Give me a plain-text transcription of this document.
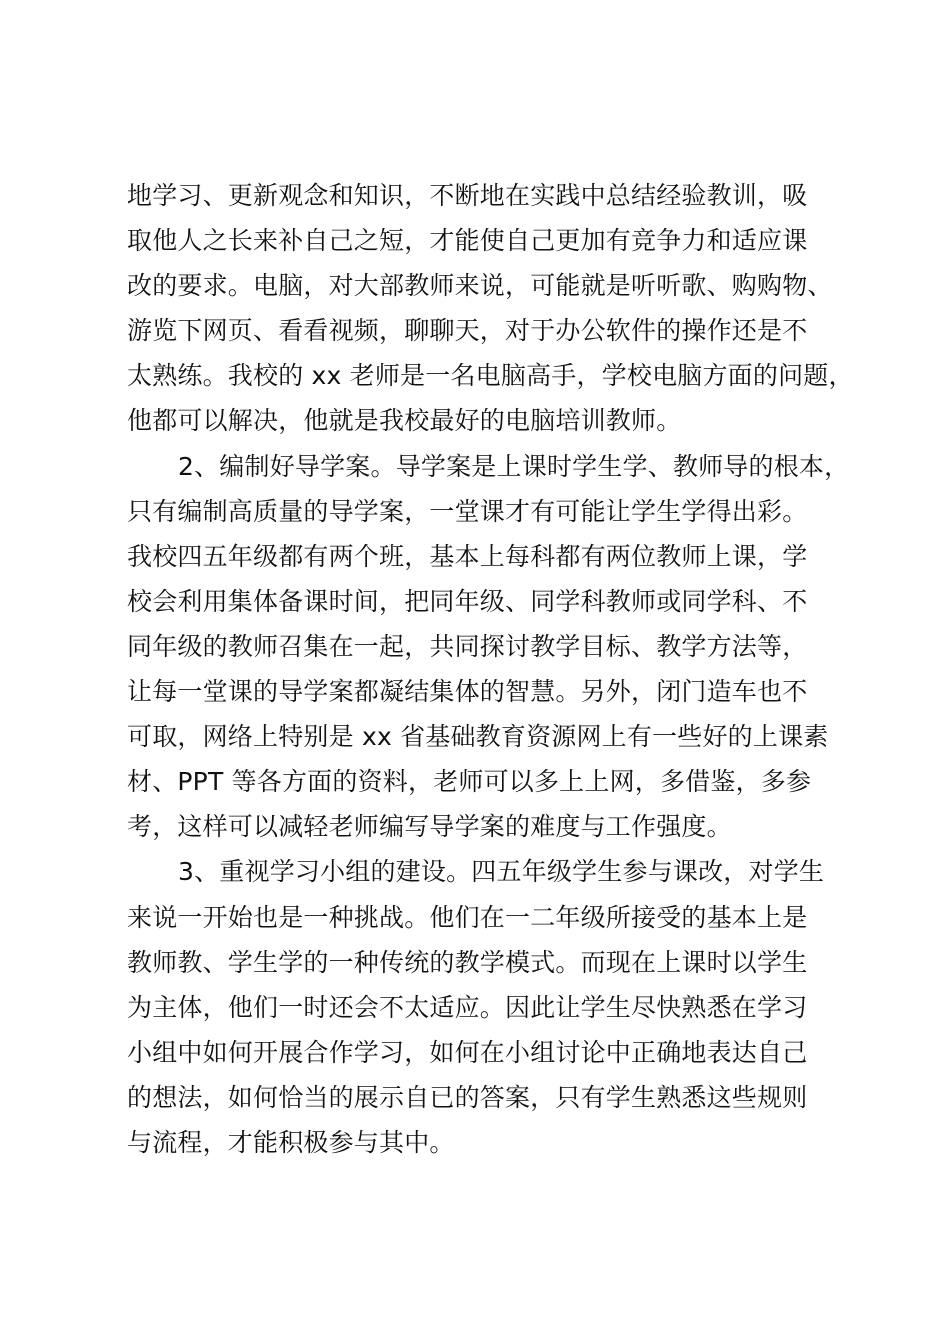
地学习、更新观念和知识，不断地在实践中总结经验教训，吸
取他人之长来补自己之短，才能使自己更加有竞争力和适应课
改的要求。电脑，对大部教师来说，可能就是听听歌、购购物、
游览下网页、看看视频，聊聊天，对于办公软件的操作还是不
太熟练。我校的 xx 老师是一名电脑高手，学校电脑方面的问题，
他都可以解决，他就是我校最好的电脑培训教师。
2、编制好导学案。导学案是上课时学生学、教师导的根本，
只有编制高质量的导学案，一堂课才有可能让学生学得出彩。
我校四五年级都有两个班，基本上每科都有两位教师上课，学
校会利用集体备课时间，把同年级、同学科教师或同学科、不
同年级的教师召集在一起，共同探讨教学目标、教学方法等，
让每一堂课的导学案都凝结集体的智慧。另外，闭门造车也不
可取，网络上特别是 xx 省基础教育资源网上有一些好的上课素
材、PPT 等各方面的资料，老师可以多上上网，多借鉴，多参
考，这样可以减轻老师编写导学案的难度与工作强度。
3、重视学习小组的建设。四五年级学生参与课改，对学生
来说一开始也是一种挑战。他们在一二年级所接受的基本上是
教师教、学生学的一种传统的教学模式。而现在上课时以学生
为主体，他们一时还会不太适应。因此让学生尽快熟悉在学习
小组中如何开展合作学习，如何在小组讨论中正确地表达自己
的想法，如何恰当的展示自已的答案，只有学生熟悉这些规则
与流程，才能积极参与其中。
